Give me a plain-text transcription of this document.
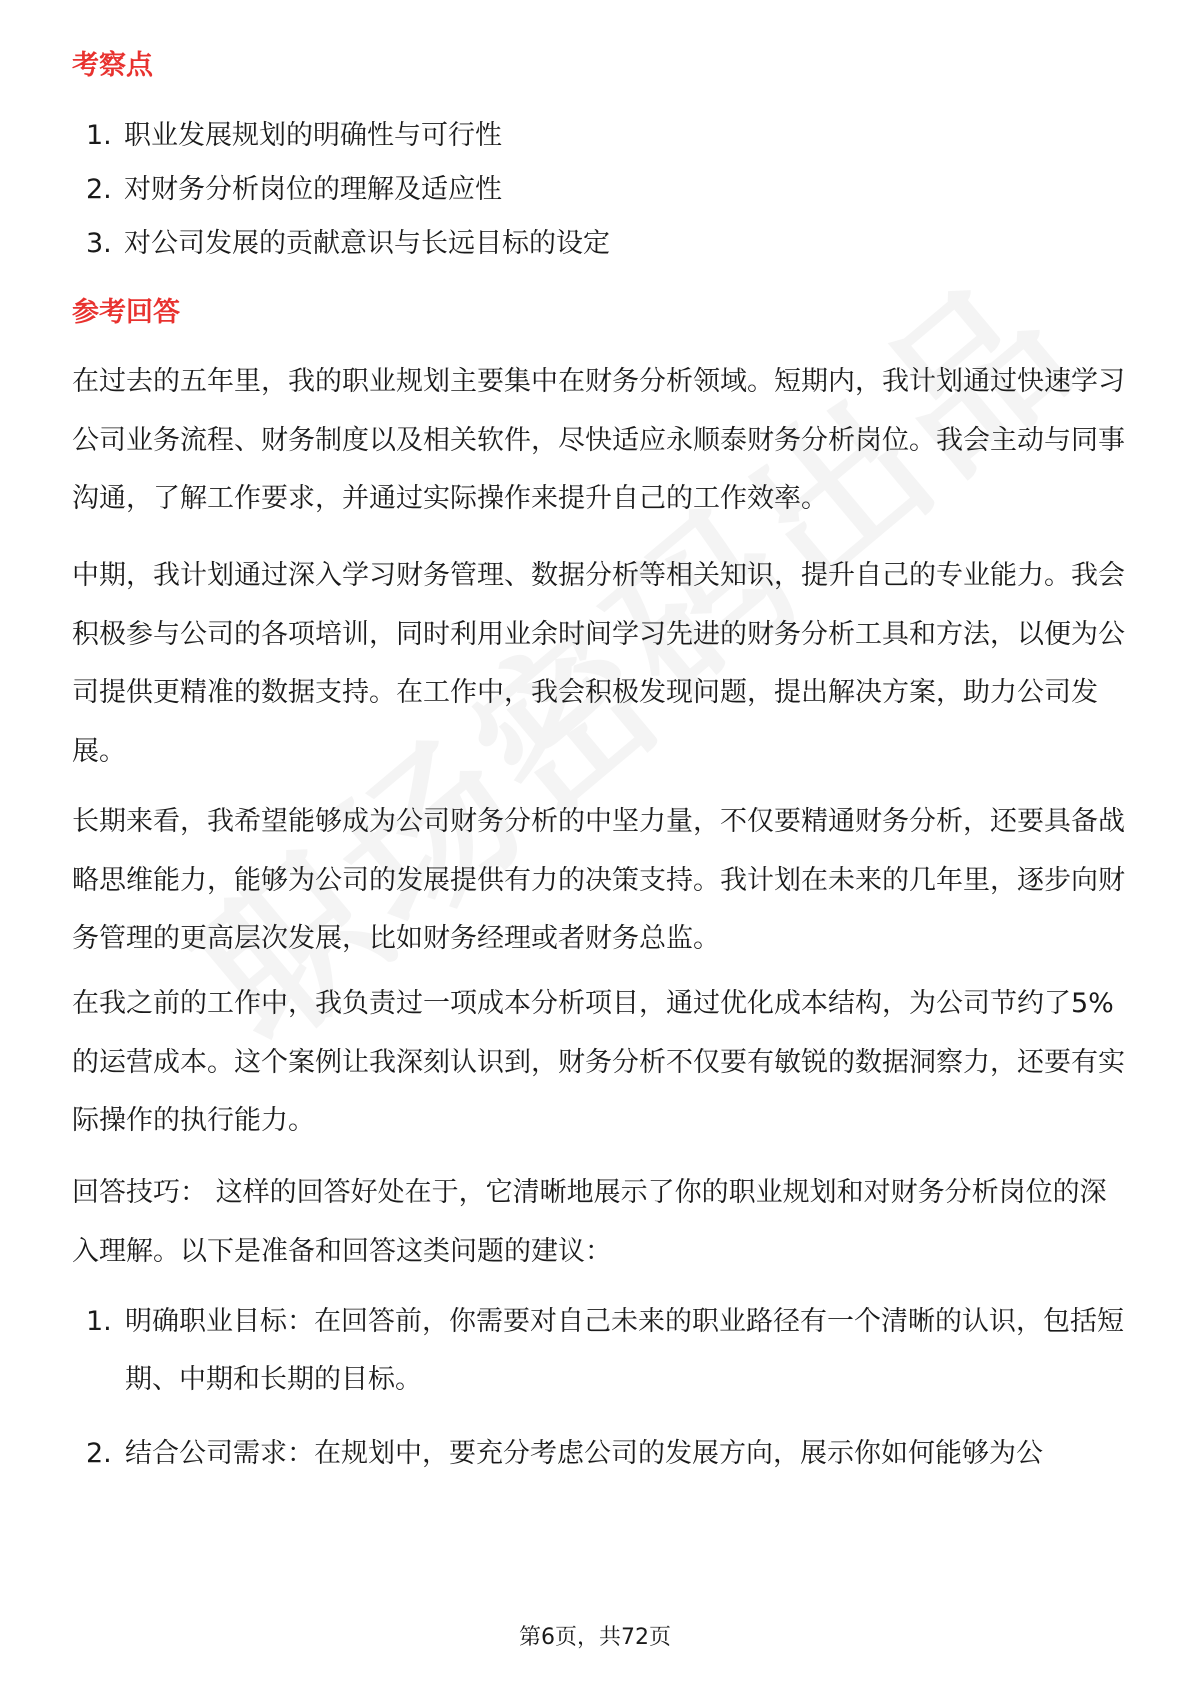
考察点
1. 职业发展规划的明确性与可行性
2. 对财务分析岗位的理解及适应性
3. 对公司发展的贡献意识与长远目标的设定
参考回答

在过去的五年里，我的职业规划主要集中在财务分析领域。短期内，我计划通过快速学习公司业务流程、财务制度以及相关软件，尽快适应永顺泰财务分析岗位。我会主动与同事沟通，了解工作要求，并通过实际操作来提升自己的工作效率。

中期，我计划通过深入学习财务管理、数据分析等相关知识，提升自己的专业能力。我会积极参与公司的各项培训，同时利用业余时间学习先进的财务分析工具和方法，以便为公司提供更精准的数据支持。在工作中，我会积极发现问题，提出解决方案，助力公司发展。

长期来看，我希望能够成为公司财务分析的中坚力量，不仅要精通财务分析，还要具备战略思维能力，能够为公司的发展提供有力的决策支持。我计划在未来的几年里，逐步向财务管理的更高层次发展，比如财务经理或者财务总监。

在我之前的工作中，我负责过一项成本分析项目，通过优化成本结构，为公司节约了5%的运营成本。这个案例让我深刻认识到，财务分析不仅要有敏锐的数据洞察力，还要有实际操作的执行能力。

回答技巧： 这样的回答好处在于，它清晰地展示了你的职业规划和对财务分析岗位的深入理解。以下是准备和回答这类问题的建议：

1. 明确职业目标：在回答前，你需要对自己未来的职业路径有一个清晰的认识，包括短期、中期和长期的目标。
2. 结合公司需求：在规划中，要充分考虑公司的发展方向，展示你如何能够为公
第6页，共72页
